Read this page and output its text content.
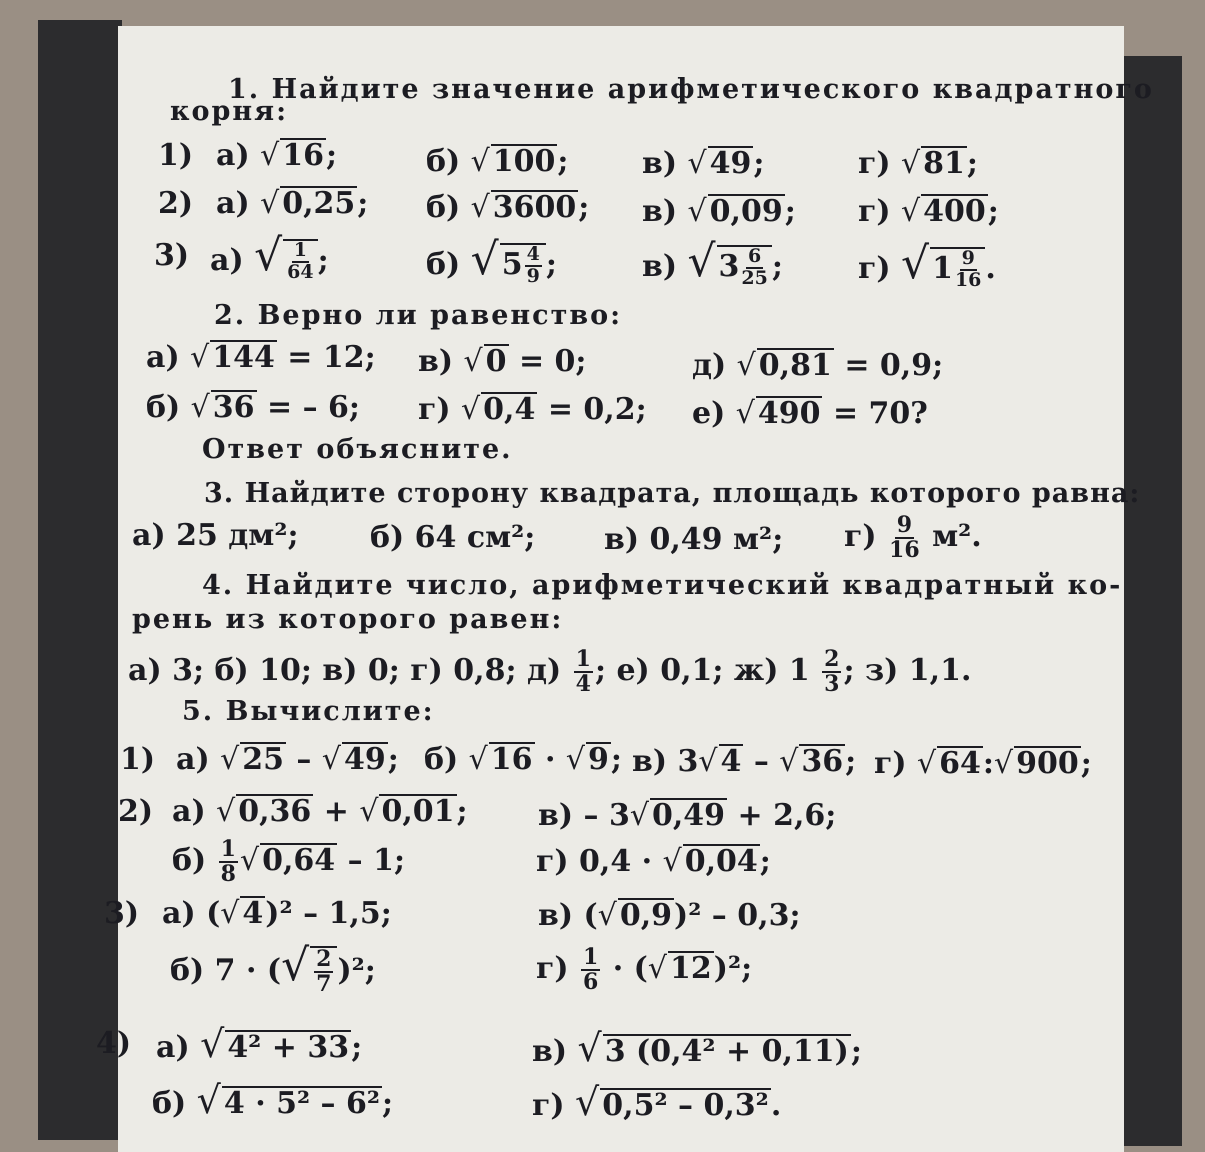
1. Найдите значение арифметического квадратного
корня:
1) а) √ 16;	б) √ 100; в) √ 49;	г) √ 81;
2) а) √ 0,25; б) √ 3600; в) √ 0,09; г) √ 400;
3) а) √ $\frac{1}{64}$ ;	б) √ $5 \frac{4}{9}$ ;	в) √ $3 \frac{6}{25}$ ;	г) √ $1 \frac{9}{16}$ .
2. Верно ли равенство:
а) √ 144 = 12; в) √ 0 = 0;	д) √ 0,81 = 0,9;
б) √ 36 = – 6; г) √ 0,4 = 0,2; е) √ 490 = 70?
Ответ объясните.
3. Найдите сторону квадрата, площадь которого равна:
а) 25 дм²; б) 64 см²; в) 0,49 м²; $г) \frac{9}{16} м^2$.
4. Найдите число, арифметический квадратный ко-
рень из которого равен:
а) 3; б) 10; в) 0; г) 0,8; $д) \frac{1}{4}$ ; е) 0,1; ж) $1 \frac{2}{3}$ ; з) 1,1.
5. Вычислите:
1) а) √ 25 – √ 49; б) √ 16 · √ 9; в) 3√ 4 – √ 36; г) √ 64:√ 900;
2) а) √ 0,36 + √ 0,01; в) – 3√ 0,49 + 2,6;
$б) \frac{1}{8}$ √ 0,64 – 1;	г) 0,4 · √ 0,04;
3) а) (√ 4)² – 1,5;	в) (√ 0,9)² – 0,3;
б) 7 · (√ $\frac{2}{7} )^2$;	$г) \frac{1}{6}$ · (√ 12)²;
4) а) √ 4² + 33;	в) √ 3 (0,4² + 0,11);
б) √ 4 · 5² – 6²;	г) √ 0,5² – 0,3².
